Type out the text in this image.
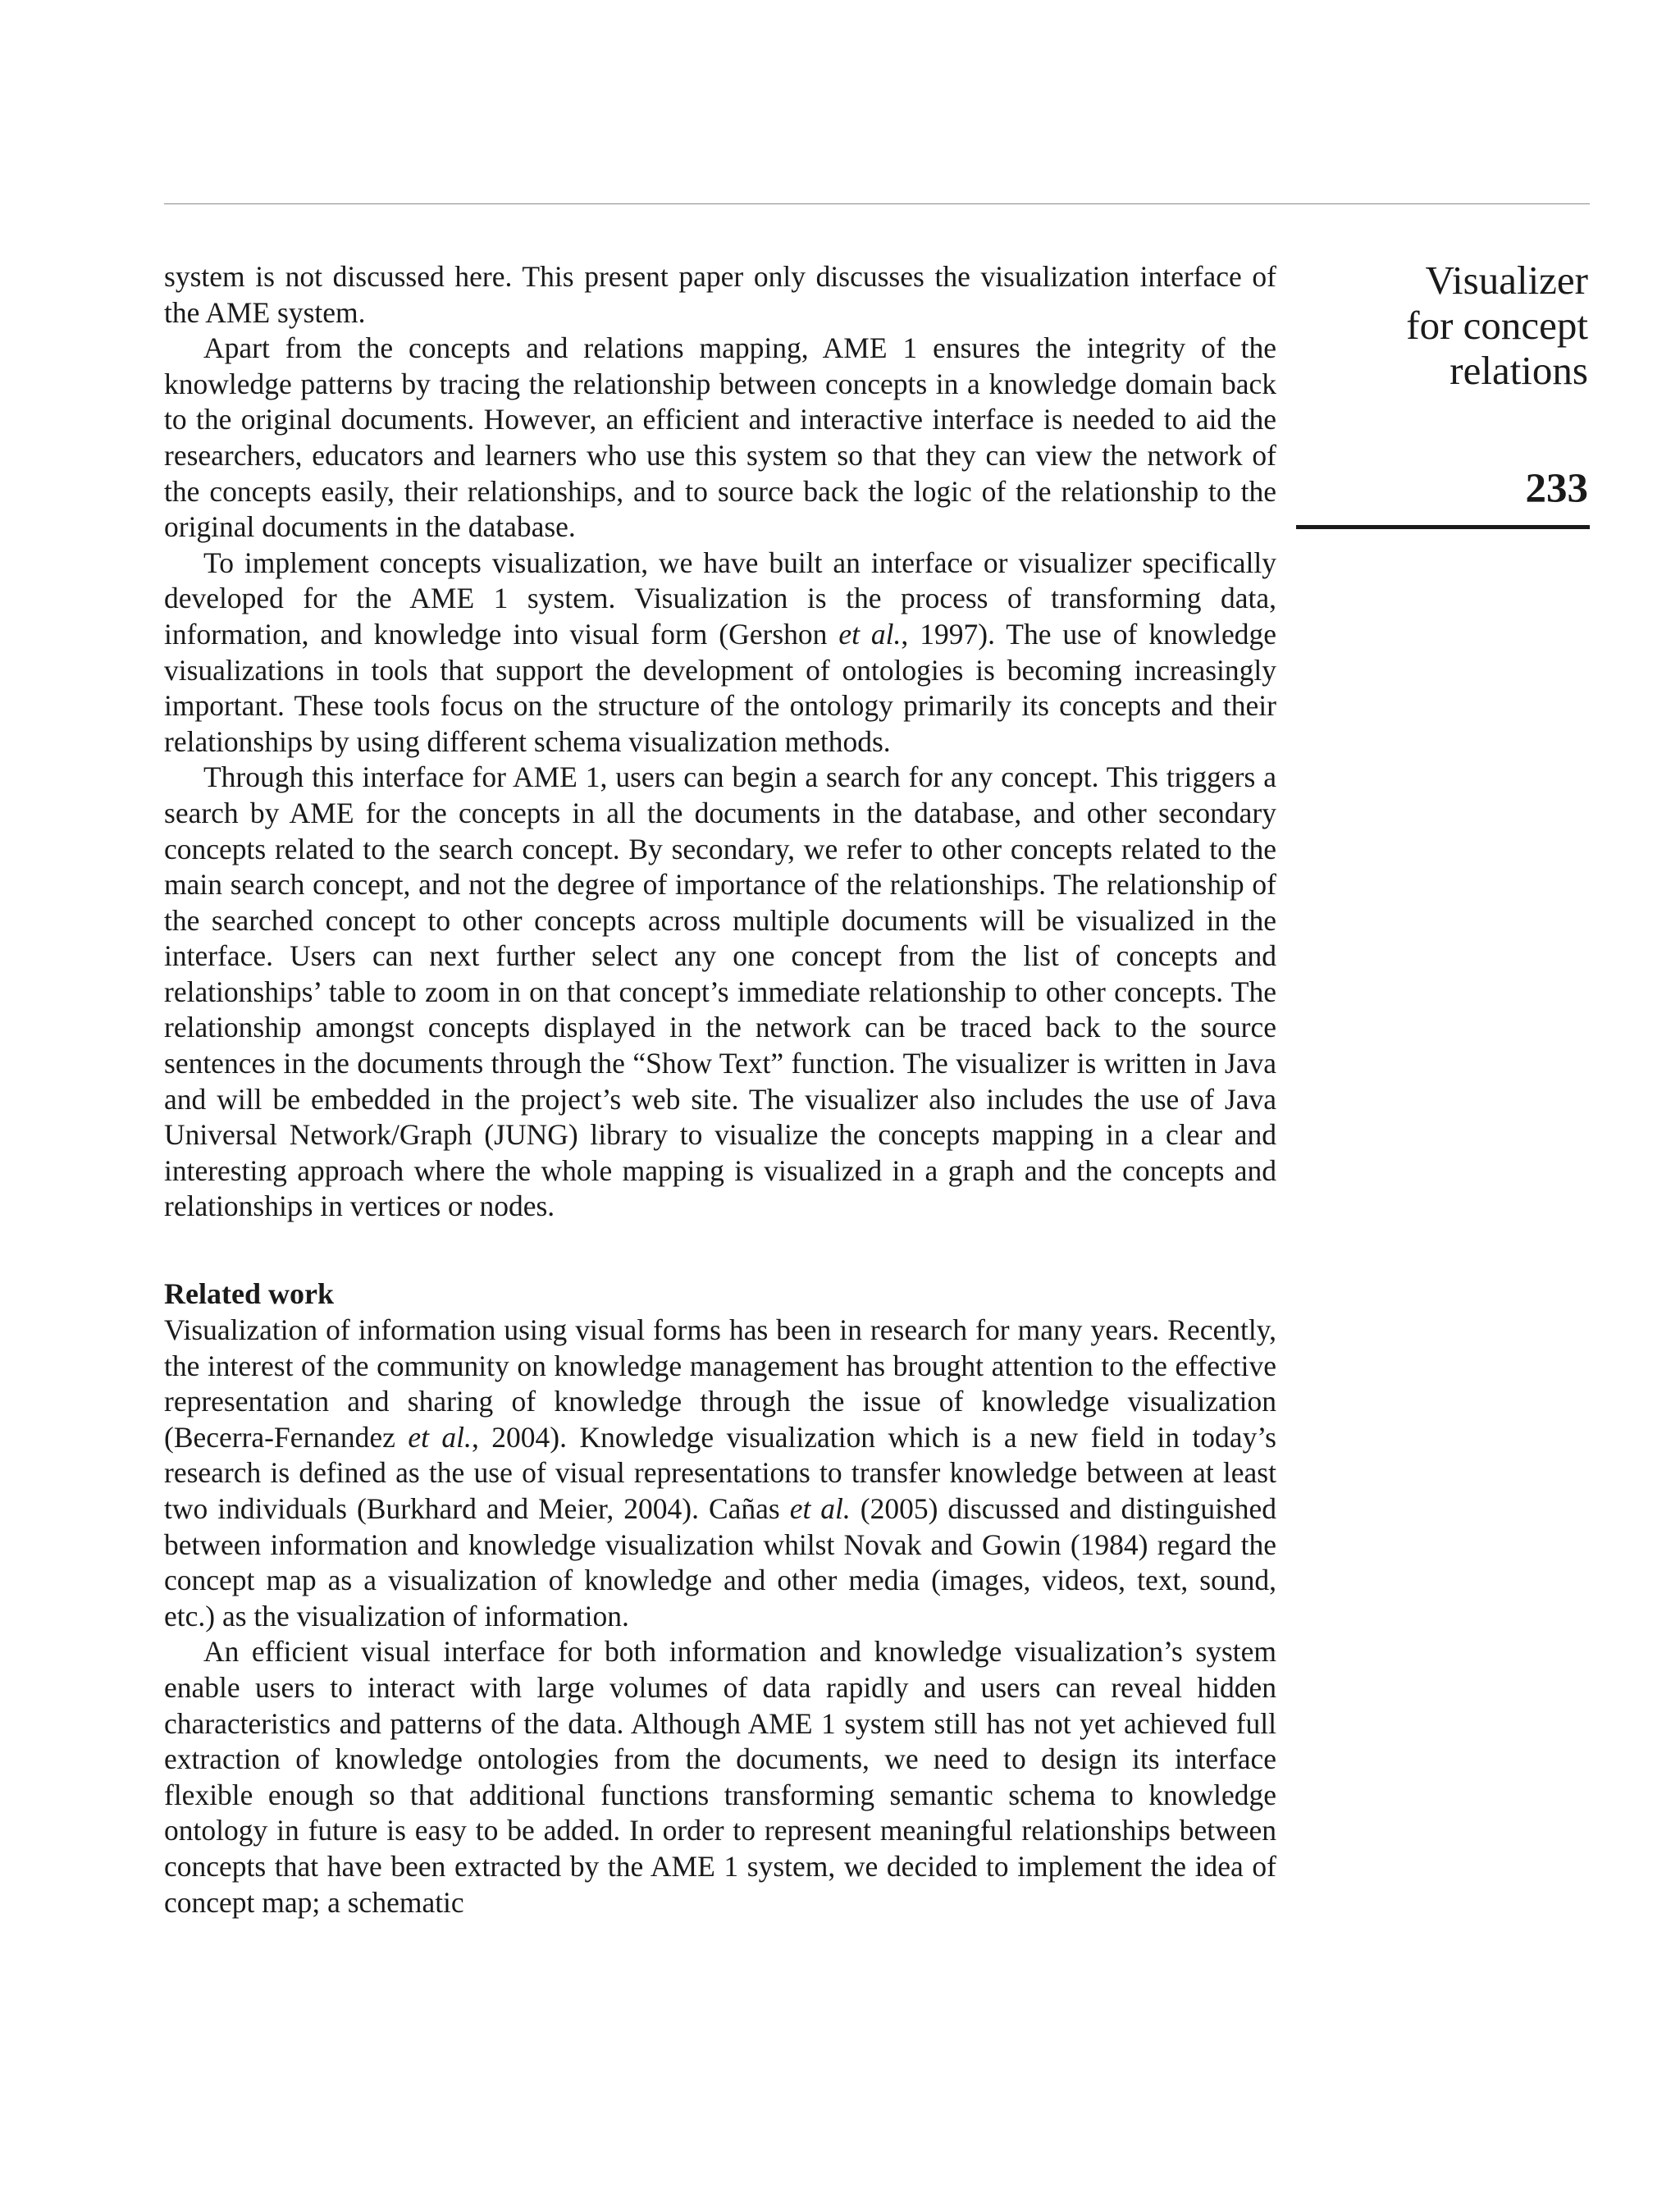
Visualizer
for concept
relations
233

system is not discussed here. This present paper only discusses the visualization interface of the AME system.

Apart from the concepts and relations mapping, AME 1 ensures the integrity of the knowledge patterns by tracing the relationship between concepts in a knowledge domain back to the original documents. However, an efficient and interactive interface is needed to aid the researchers, educators and learners who use this system so that they can view the network of the concepts easily, their relationships, and to source back the logic of the relationship to the original documents in the database.

To implement concepts visualization, we have built an interface or visualizer specifically developed for the AME 1 system. Visualization is the process of transforming data, information, and knowledge into visual form (Gershon et al., 1997). The use of knowledge visualizations in tools that support the development of ontologies is becoming increasingly important. These tools focus on the structure of the ontology primarily its concepts and their relationships by using different schema visualization methods.

Through this interface for AME 1, users can begin a search for any concept. This triggers a search by AME for the concepts in all the documents in the database, and other secondary concepts related to the search concept. By secondary, we refer to other concepts related to the main search concept, and not the degree of importance of the relationships. The relationship of the searched concept to other concepts across multiple documents will be visualized in the interface. Users can next further select any one concept from the list of concepts and relationships’ table to zoom in on that concept’s immediate relationship to other concepts. The relationship amongst concepts displayed in the network can be traced back to the source sentences in the documents through the “Show Text” function. The visualizer is written in Java and will be embedded in the project’s web site. The visualizer also includes the use of Java Universal Network/Graph (JUNG) library to visualize the concepts mapping in a clear and interesting approach where the whole mapping is visualized in a graph and the concepts and relationships in vertices or nodes.

Related work

Visualization of information using visual forms has been in research for many years. Recently, the interest of the community on knowledge management has brought attention to the effective representation and sharing of knowledge through the issue of knowledge visualization (Becerra-Fernandez et al., 2004). Knowledge visualization which is a new field in today’s research is defined as the use of visual representations to transfer knowledge between at least two individuals (Burkhard and Meier, 2004). Cañas et al. (2005) discussed and distinguished between information and knowledge visualization whilst Novak and Gowin (1984) regard the concept map as a visualization of knowledge and other media (images, videos, text, sound, etc.) as the visualization of information.

An efficient visual interface for both information and knowledge visualization’s system enable users to interact with large volumes of data rapidly and users can reveal hidden characteristics and patterns of the data. Although AME 1 system still has not yet achieved full extraction of knowledge ontologies from the documents, we need to design its interface flexible enough so that additional functions transforming semantic schema to knowledge ontology in future is easy to be added. In order to represent meaningful relationships between concepts that have been extracted by the AME 1 system, we decided to implement the idea of concept map; a schematic
